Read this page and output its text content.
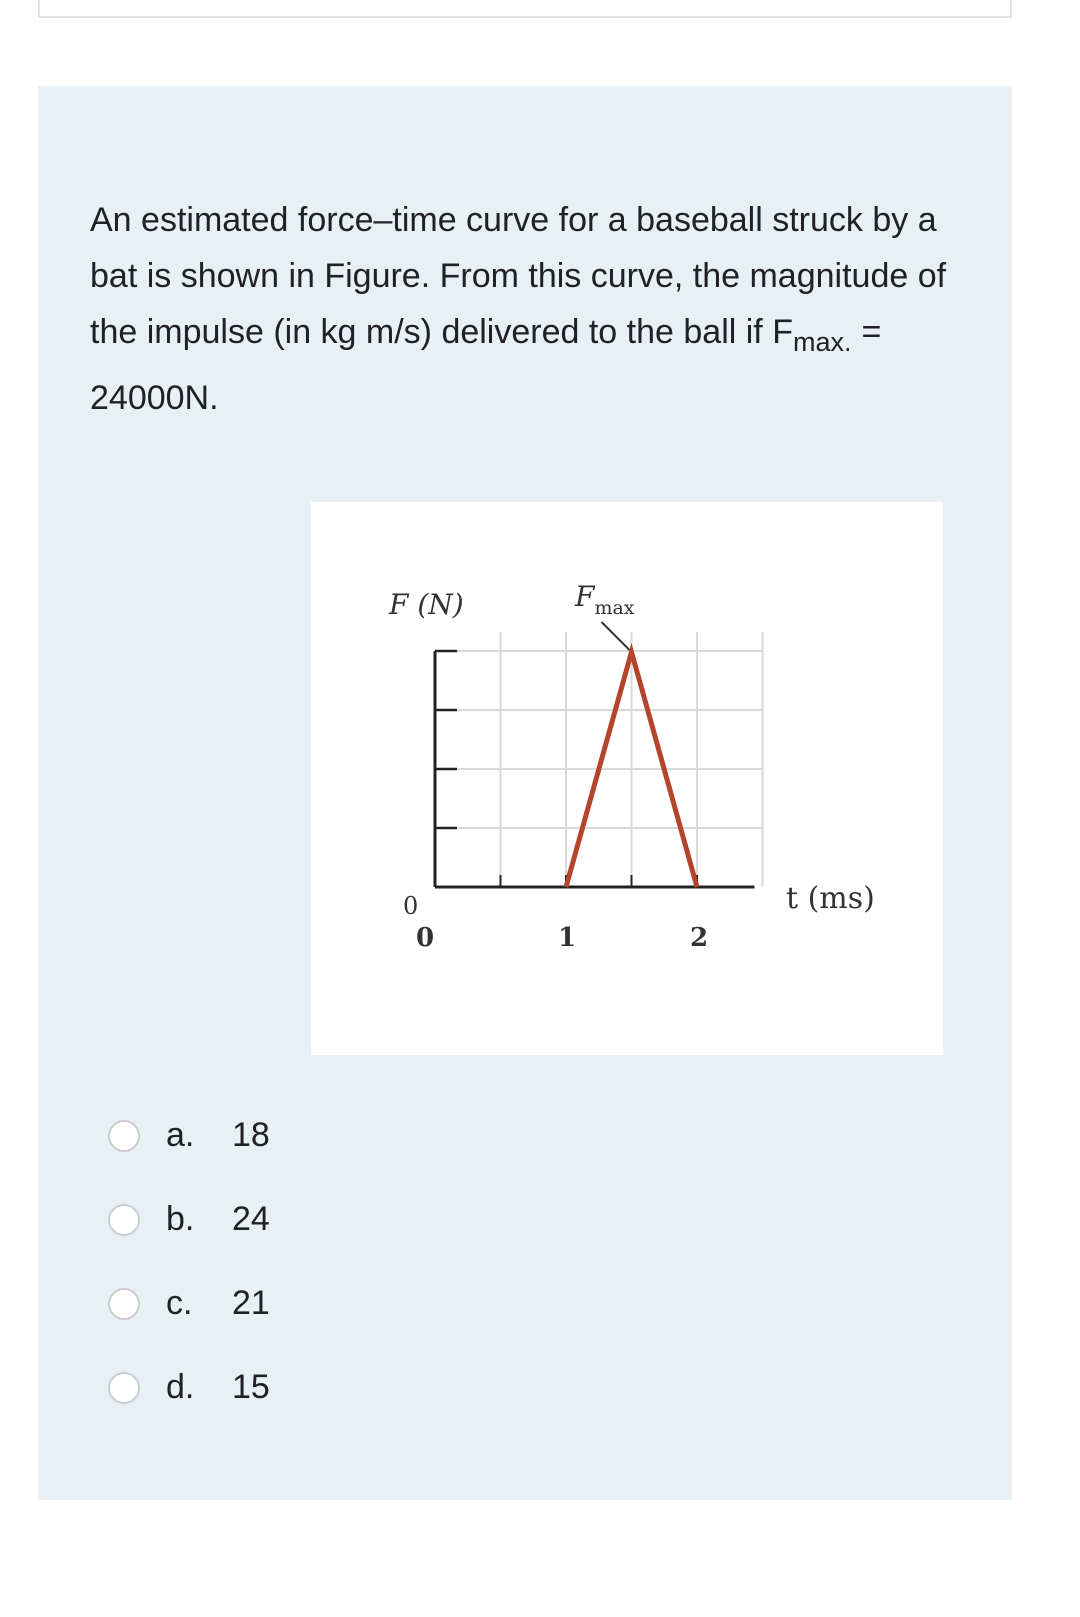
An estimated force–time curve for a baseball struck by a bat is shown in Figure. From this curve, the magnitude of the impulse (in kg m/s) delivered to the ball if $F_{max.} = 24000N$.
F (N)	Fmax
t (ms)
0
0	1	2
a. 18
b. 24
c. 21
d. 15
